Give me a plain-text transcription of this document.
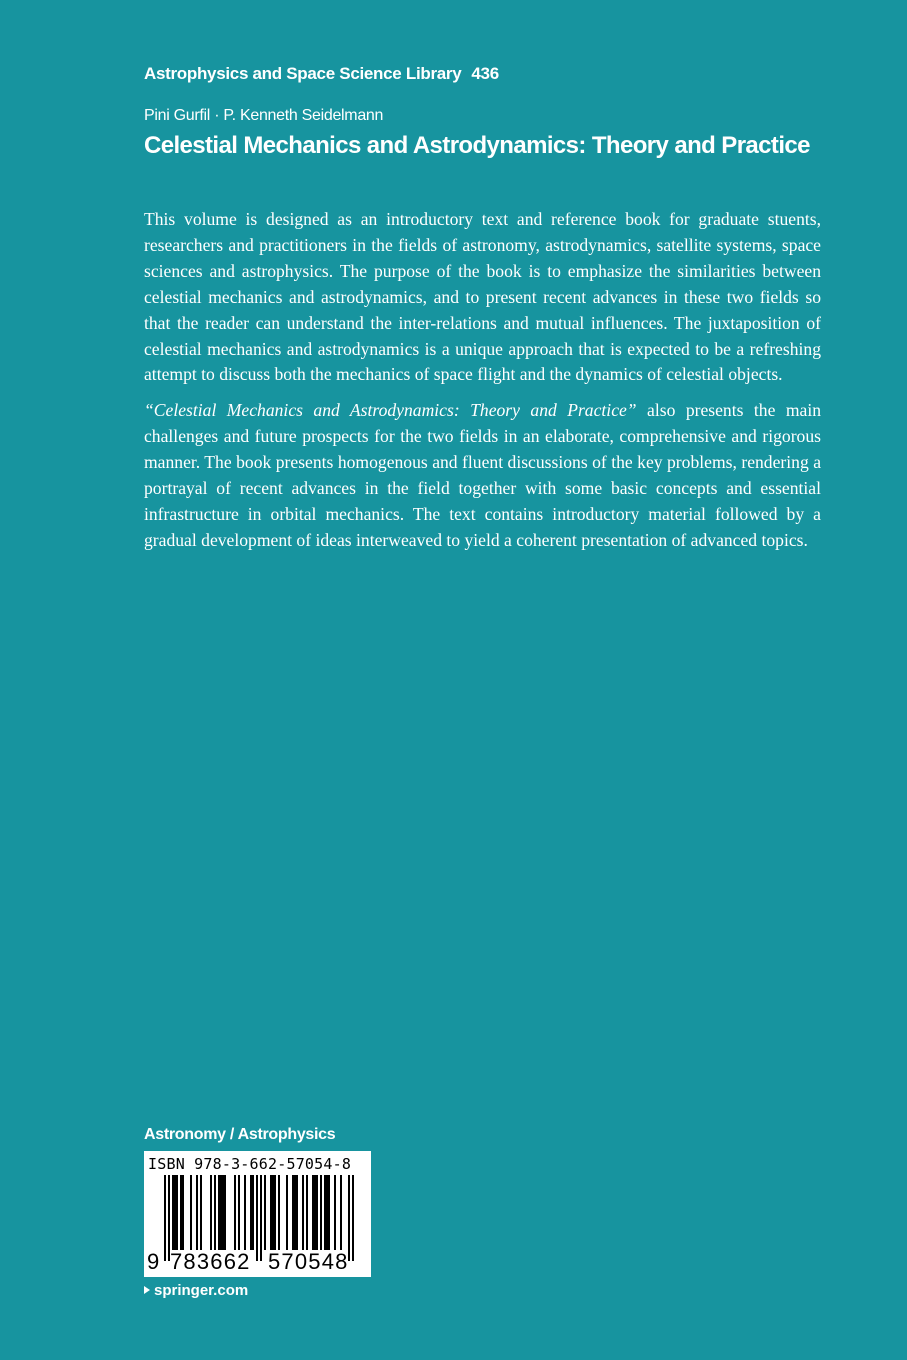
Astrophysics and Space Science Library 436
Pini Gurfil · P. Kenneth Seidelmann
Celestial Mechanics and Astrodynamics: Theory and Practice

This volume is designed as an introductory text and reference book for graduate stuents, researchers and practitioners in the fields of astronomy, astrodynamics, satellite systems, space sciences and astrophysics. The purpose of the book is to emphasize the similarities between celestial mechanics and astrodynamics, and to present recent advances in these two fields so that the reader can understand the inter-relations and mutual influences. The juxtaposition of celestial mechanics and astrodynamics is a unique approach that is expected to be a refreshing attempt to discuss both the mechanics of space flight and the dynamics of celestial objects.

“Celestial Mechanics and Astrodynamics: Theory and Practice” also presents the main challenges and future prospects for the two fields in an elaborate, comprehensive and rigorous manner. The book presents homogenous and fluent discussions of the key problems, rendering a portrayal of recent advances in the field together with some basic concepts and essential infrastructure in orbital mechanics. The text contains introductory material followed by a gradual development of ideas interweaved to yield a coherent presentation of advanced topics.

Astronomy / Astrophysics
ISBN 978-3-662-57054-8
9 783662 570548
springer.com
